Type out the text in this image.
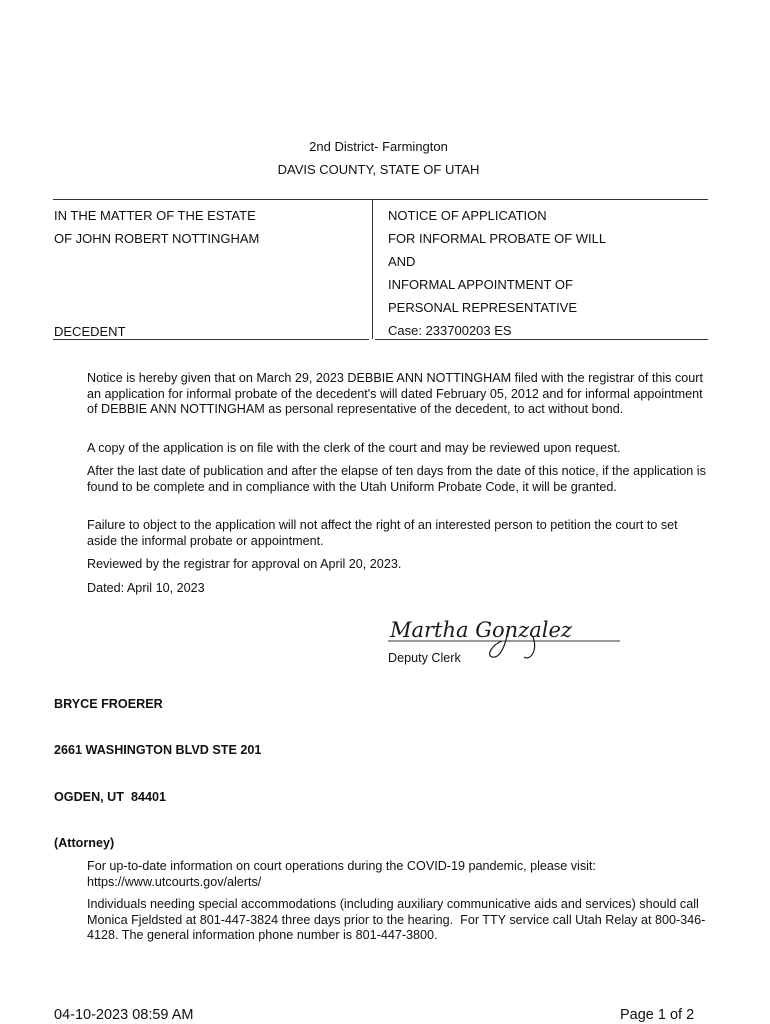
2nd District- Farmington
DAVIS COUNTY, STATE OF UTAH
IN THE MATTER OF THE ESTATE
OF JOHN ROBERT NOTTINGHAM
DECEDENT
NOTICE OF APPLICATION
FOR INFORMAL PROBATE OF WILL
AND
INFORMAL APPOINTMENT OF
PERSONAL REPRESENTATIVE
Case: 233700203 ES

Notice is hereby given that on March 29, 2023 DEBBIE ANN NOTTINGHAM filed with the registrar of this court an application for informal probate of the decedent's will dated February 05, 2012 and for informal appointment of DEBBIE ANN NOTTINGHAM as personal representative of the decedent, to act without bond.

A copy of the application is on file with the clerk of the court and may be reviewed upon request.

After the last date of publication and after the elapse of ten days from the date of this notice, if the application is found to be complete and in compliance with the Utah Uniform Probate Code, it will be granted.

Failure to object to the application will not affect the right of an interested person to petition the court to set aside the informal probate or appointment.

Reviewed by the registrar for approval on April 20, 2023.

Dated: April 10, 2023

Martha Gonzalez
Deputy Clerk
BRYCE FROERER
2661 WASHINGTON BLVD STE 201
OGDEN, UT  84401
(Attorney)

For up-to-date information on court operations during the COVID-19 pandemic, please visit: https://www.utcourts.gov/alerts/

Individuals needing special accommodations (including auxiliary communicative aids and services) should call Monica Fjeldsted at 801-447-3824 three days prior to the hearing.  For TTY service call Utah Relay at 800-346-4128. The general information phone number is 801-447-3800.

04-10-2023 08:59 AM	Page 1 of 2
